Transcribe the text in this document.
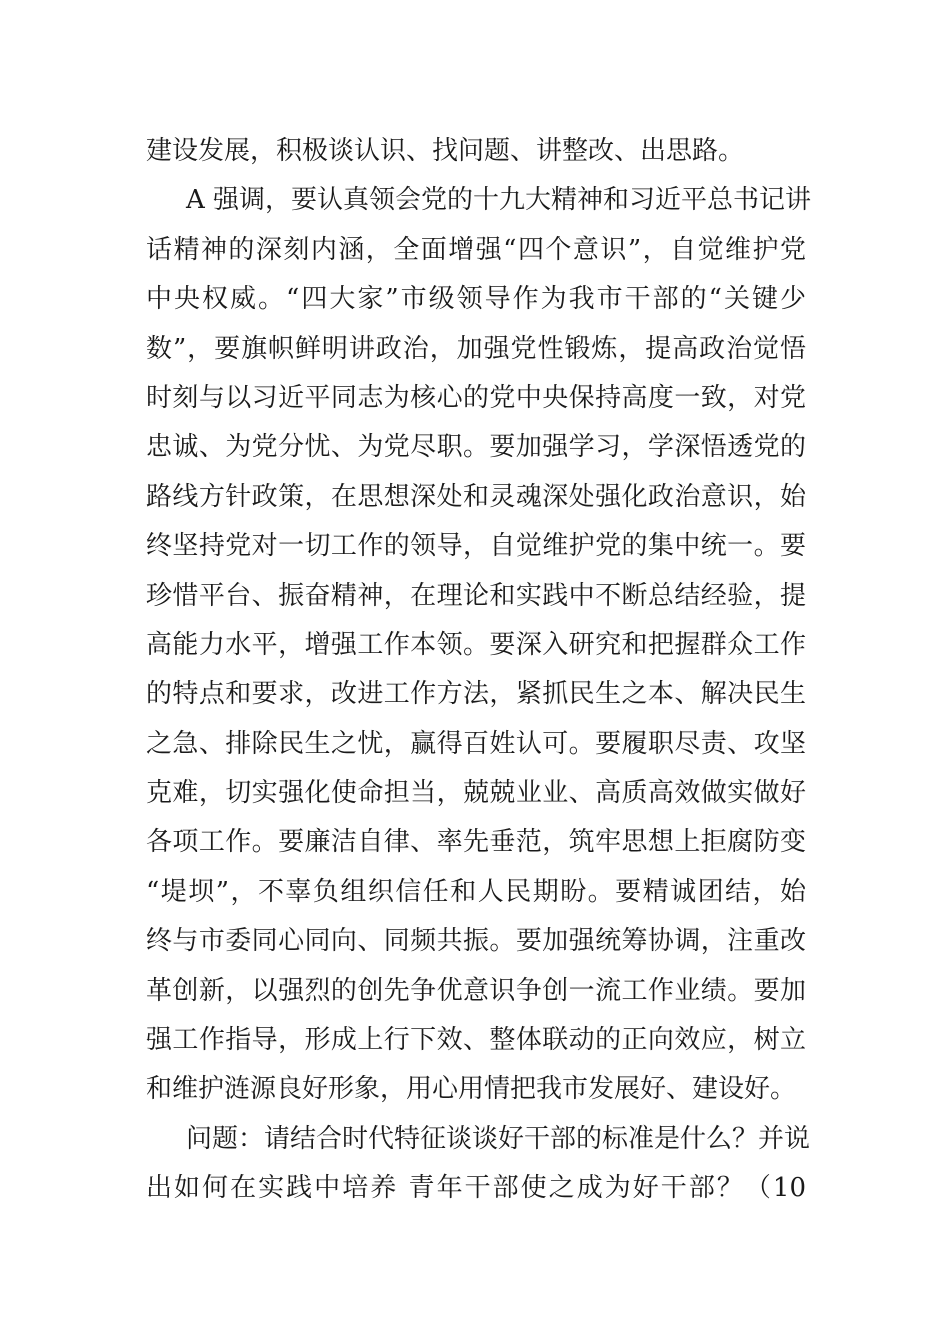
建设发展，积极谈认识、找问题、讲整改、出思路。
A 强调，要认真领会党的十九大精神和习近平总书记讲
话精神的深刻内涵，全面增强“四个意识”，自觉维护党
中央权威。“四大家”市级领导作为我市干部的“关键少
数”，要旗帜鲜明讲政治，加强党性锻炼，提高政治觉悟
时刻与以习近平同志为核心的党中央保持高度一致，对党
忠诚、为党分忧、为党尽职。要加强学习，学深悟透党的
路线方针政策，在思想深处和灵魂深处强化政治意识，始
终坚持党对一切工作的领导，自觉维护党的集中统一。要
珍惜平台、振奋精神，在理论和实践中不断总结经验，提
高能力水平，增强工作本领。要深入研究和把握群众工作
的特点和要求，改进工作方法，紧抓民生之本、解决民生
之急、排除民生之忧，赢得百姓认可。要履职尽责、攻坚
克难，切实强化使命担当，兢兢业业、高质高效做实做好
各项工作。要廉洁自律、率先垂范，筑牢思想上拒腐防变
“堤坝”，不辜负组织信任和人民期盼。要精诚团结，始
终与市委同心同向、同频共振。要加强统筹协调，注重改
革创新，以强烈的创先争优意识争创一流工作业绩。要加
强工作指导，形成上行下效、整体联动的正向效应，树立
和维护涟源良好形象，用心用情把我市发展好、建设好。
问题：请结合时代特征谈谈好干部的标准是什么？并说
出如何在实践中培养 青年干部使之成为好干部？（10
